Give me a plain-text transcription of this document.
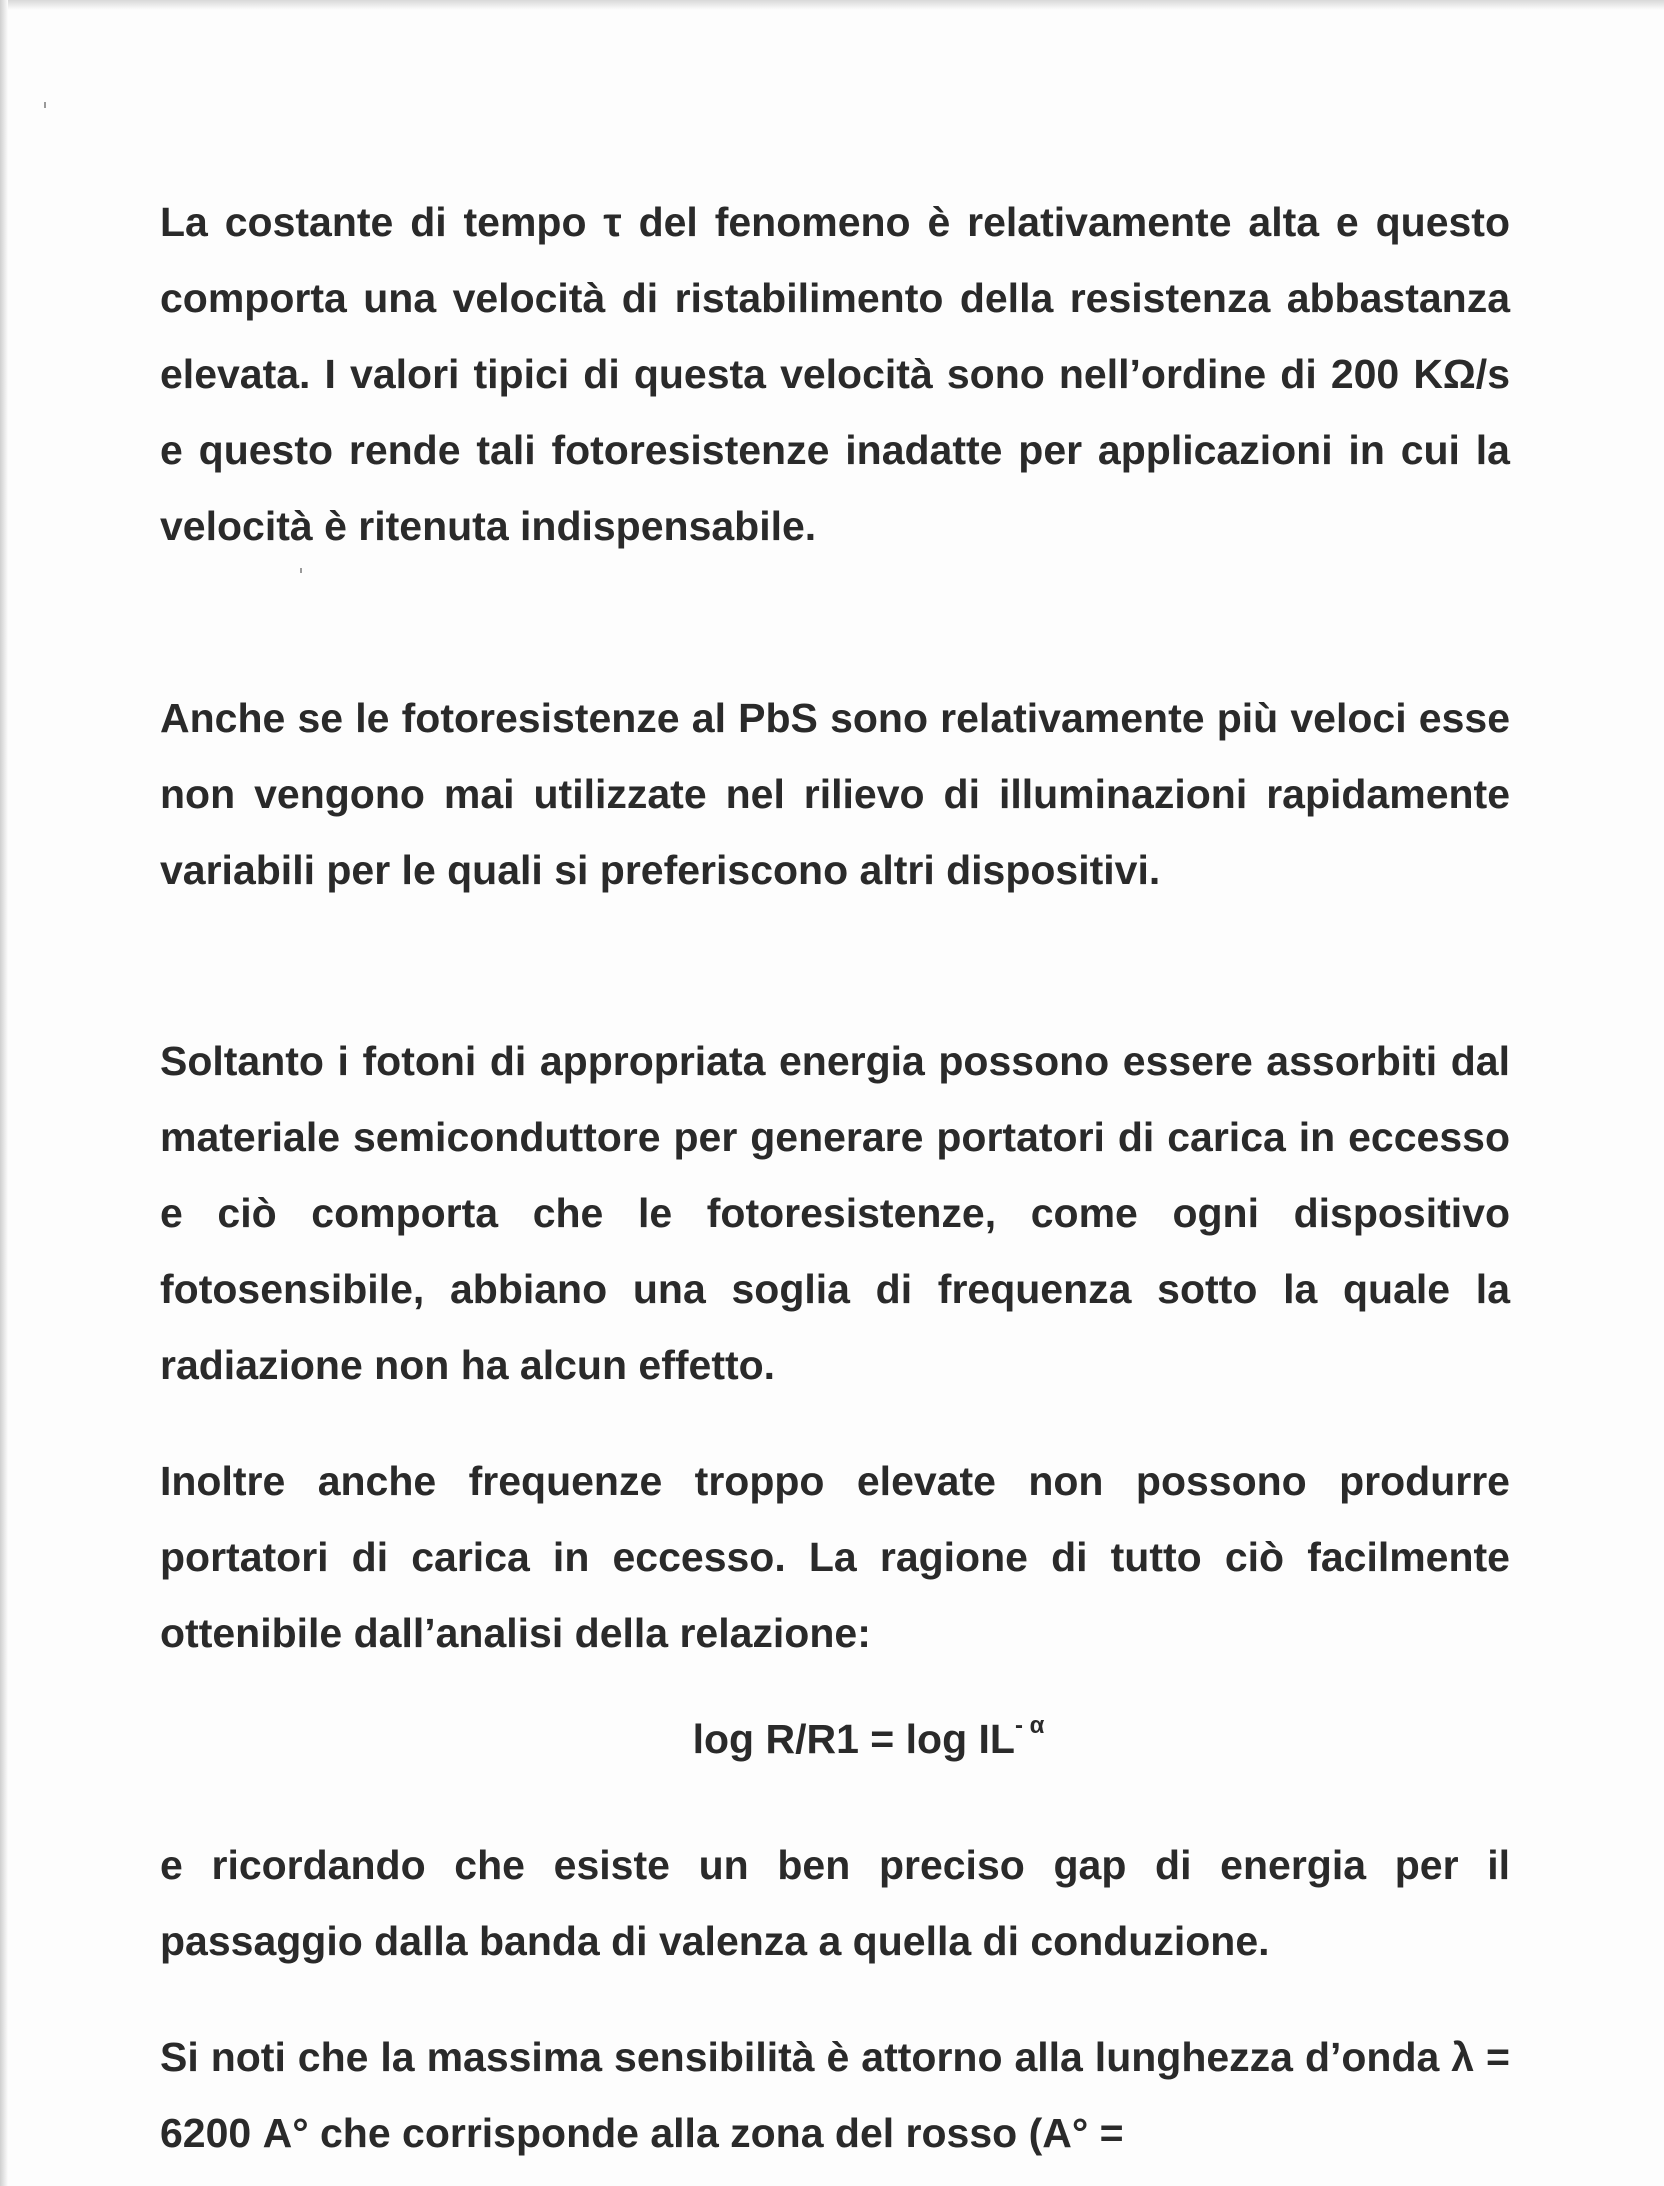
La costante di tempo τ del fenomeno è relativamente alta e questo comporta una velocità di ristabilimento della resistenza abbastanza elevata. I valori tipici di questa velocità sono nell’ordine di 200 KΩ/s e questo rende tali fotoresistenze inadatte per applicazioni in cui la velocità è ritenuta indispensabile.

Anche se le fotoresistenze al PbS sono relativamente più veloci esse non vengono mai utilizzate nel rilievo di illuminazioni rapidamente variabili per le quali si preferiscono altri dispositivi.

Soltanto i fotoni di appropriata energia possono essere assorbiti dal materiale semiconduttore per generare portatori di carica in eccesso e ciò comporta che le fotoresistenze, come ogni dispositivo fotosensibile, abbiano una soglia di frequenza sotto la quale la radiazione non ha alcun effetto.

Inoltre anche frequenze troppo elevate non possono produrre portatori di carica in eccesso. La ragione di tutto ciò facilmente ottenibile dall’analisi della relazione:

$\log R/R1 = \log IL^{- \alpha}$

e ricordando che esiste un ben preciso gap di energia per il passaggio dalla banda di valenza a quella di conduzione.

Si noti che la massima sensibilità è attorno alla lunghezza d’onda λ = 6200 A° che corrisponde alla zona del rosso (A° =
